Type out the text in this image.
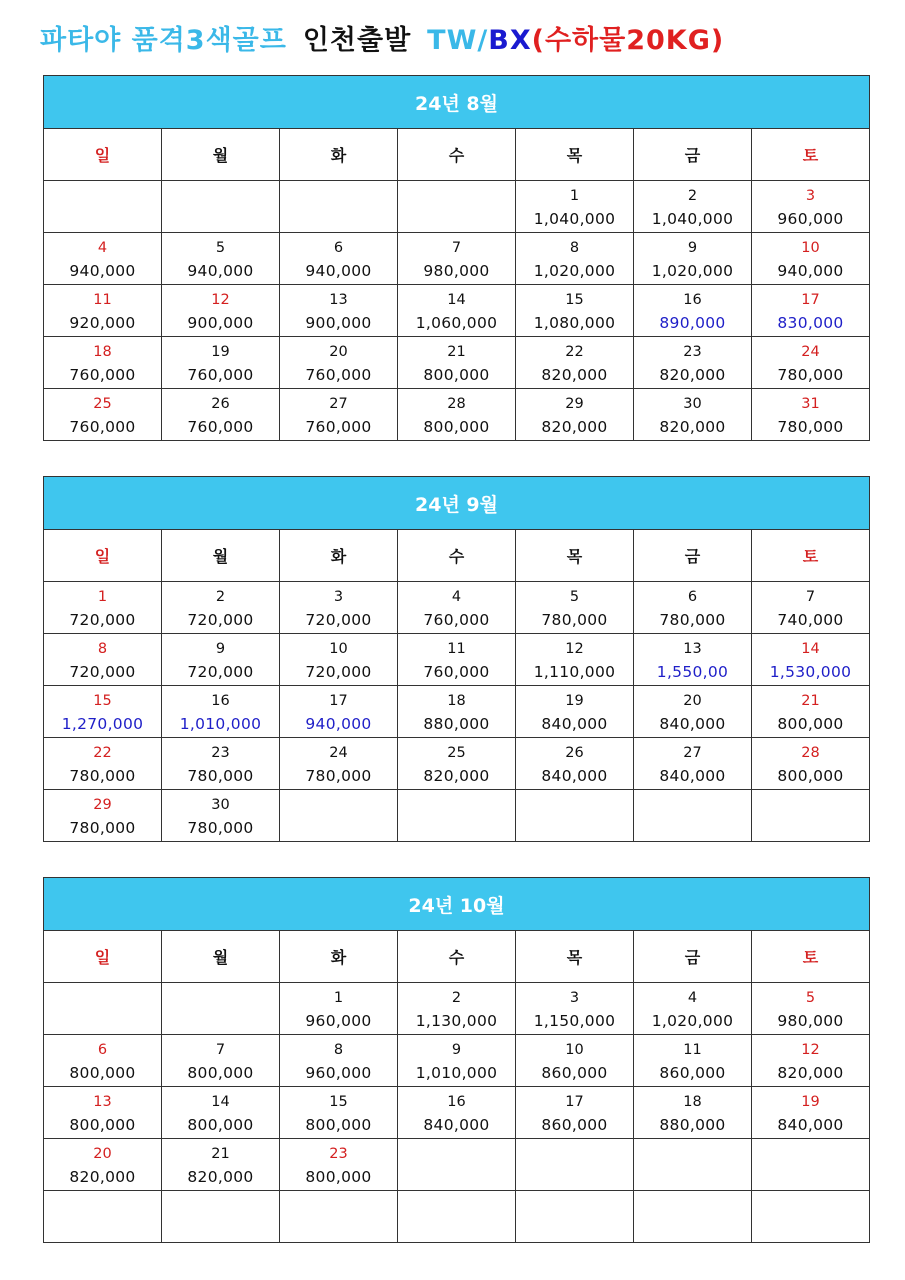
파타야 품격3색골프 인천출발 TW/BX(수하물20KG)
24년 8월						
일	월	화	수	목	금	토

				1
1,040,000	2
1,040,000	3
960,000

4
940,000	5
940,000	6
940,000	7
980,000	8
1,020,000	9
1,020,000	10
940,000

11
920,000	12
900,000	13
900,000	14
1,060,000	15
1,080,000	16
890,000	17
830,000

18
760,000	19
760,000	20
760,000	21
800,000	22
820,000	23
820,000	24
780,000

25
760,000	26
760,000	27
760,000	28
800,000	29
820,000	30
820,000	31
780,000
24년 9월						
일	월	화	수	목	금	토

1
720,000	2
720,000	3
720,000	4
760,000	5
780,000	6
780,000	7
740,000

8
720,000	9
720,000	10
720,000	11
760,000	12
1,110,000	13
1,550,00	14
1,530,000

15
1,270,000	16
1,010,000	17
940,000	18
880,000	19
840,000	20
840,000	21
800,000

22
780,000	23
780,000	24
780,000	25
820,000	26
840,000	27
840,000	28
800,000

29
780,000	30
780,000					

24년 10월						
일	월	화	수	목	금	토

		1
960,000	2
1,130,000	3
1,150,000	4
1,020,000	5
980,000

6
800,000	7
800,000	8
960,000	9
1,010,000	10
860,000	11
860,000	12
820,000

13
800,000	14
800,000	15
800,000	16
840,000	17
860,000	18
880,000	19
840,000

20
820,000	21
820,000	23
800,000				
